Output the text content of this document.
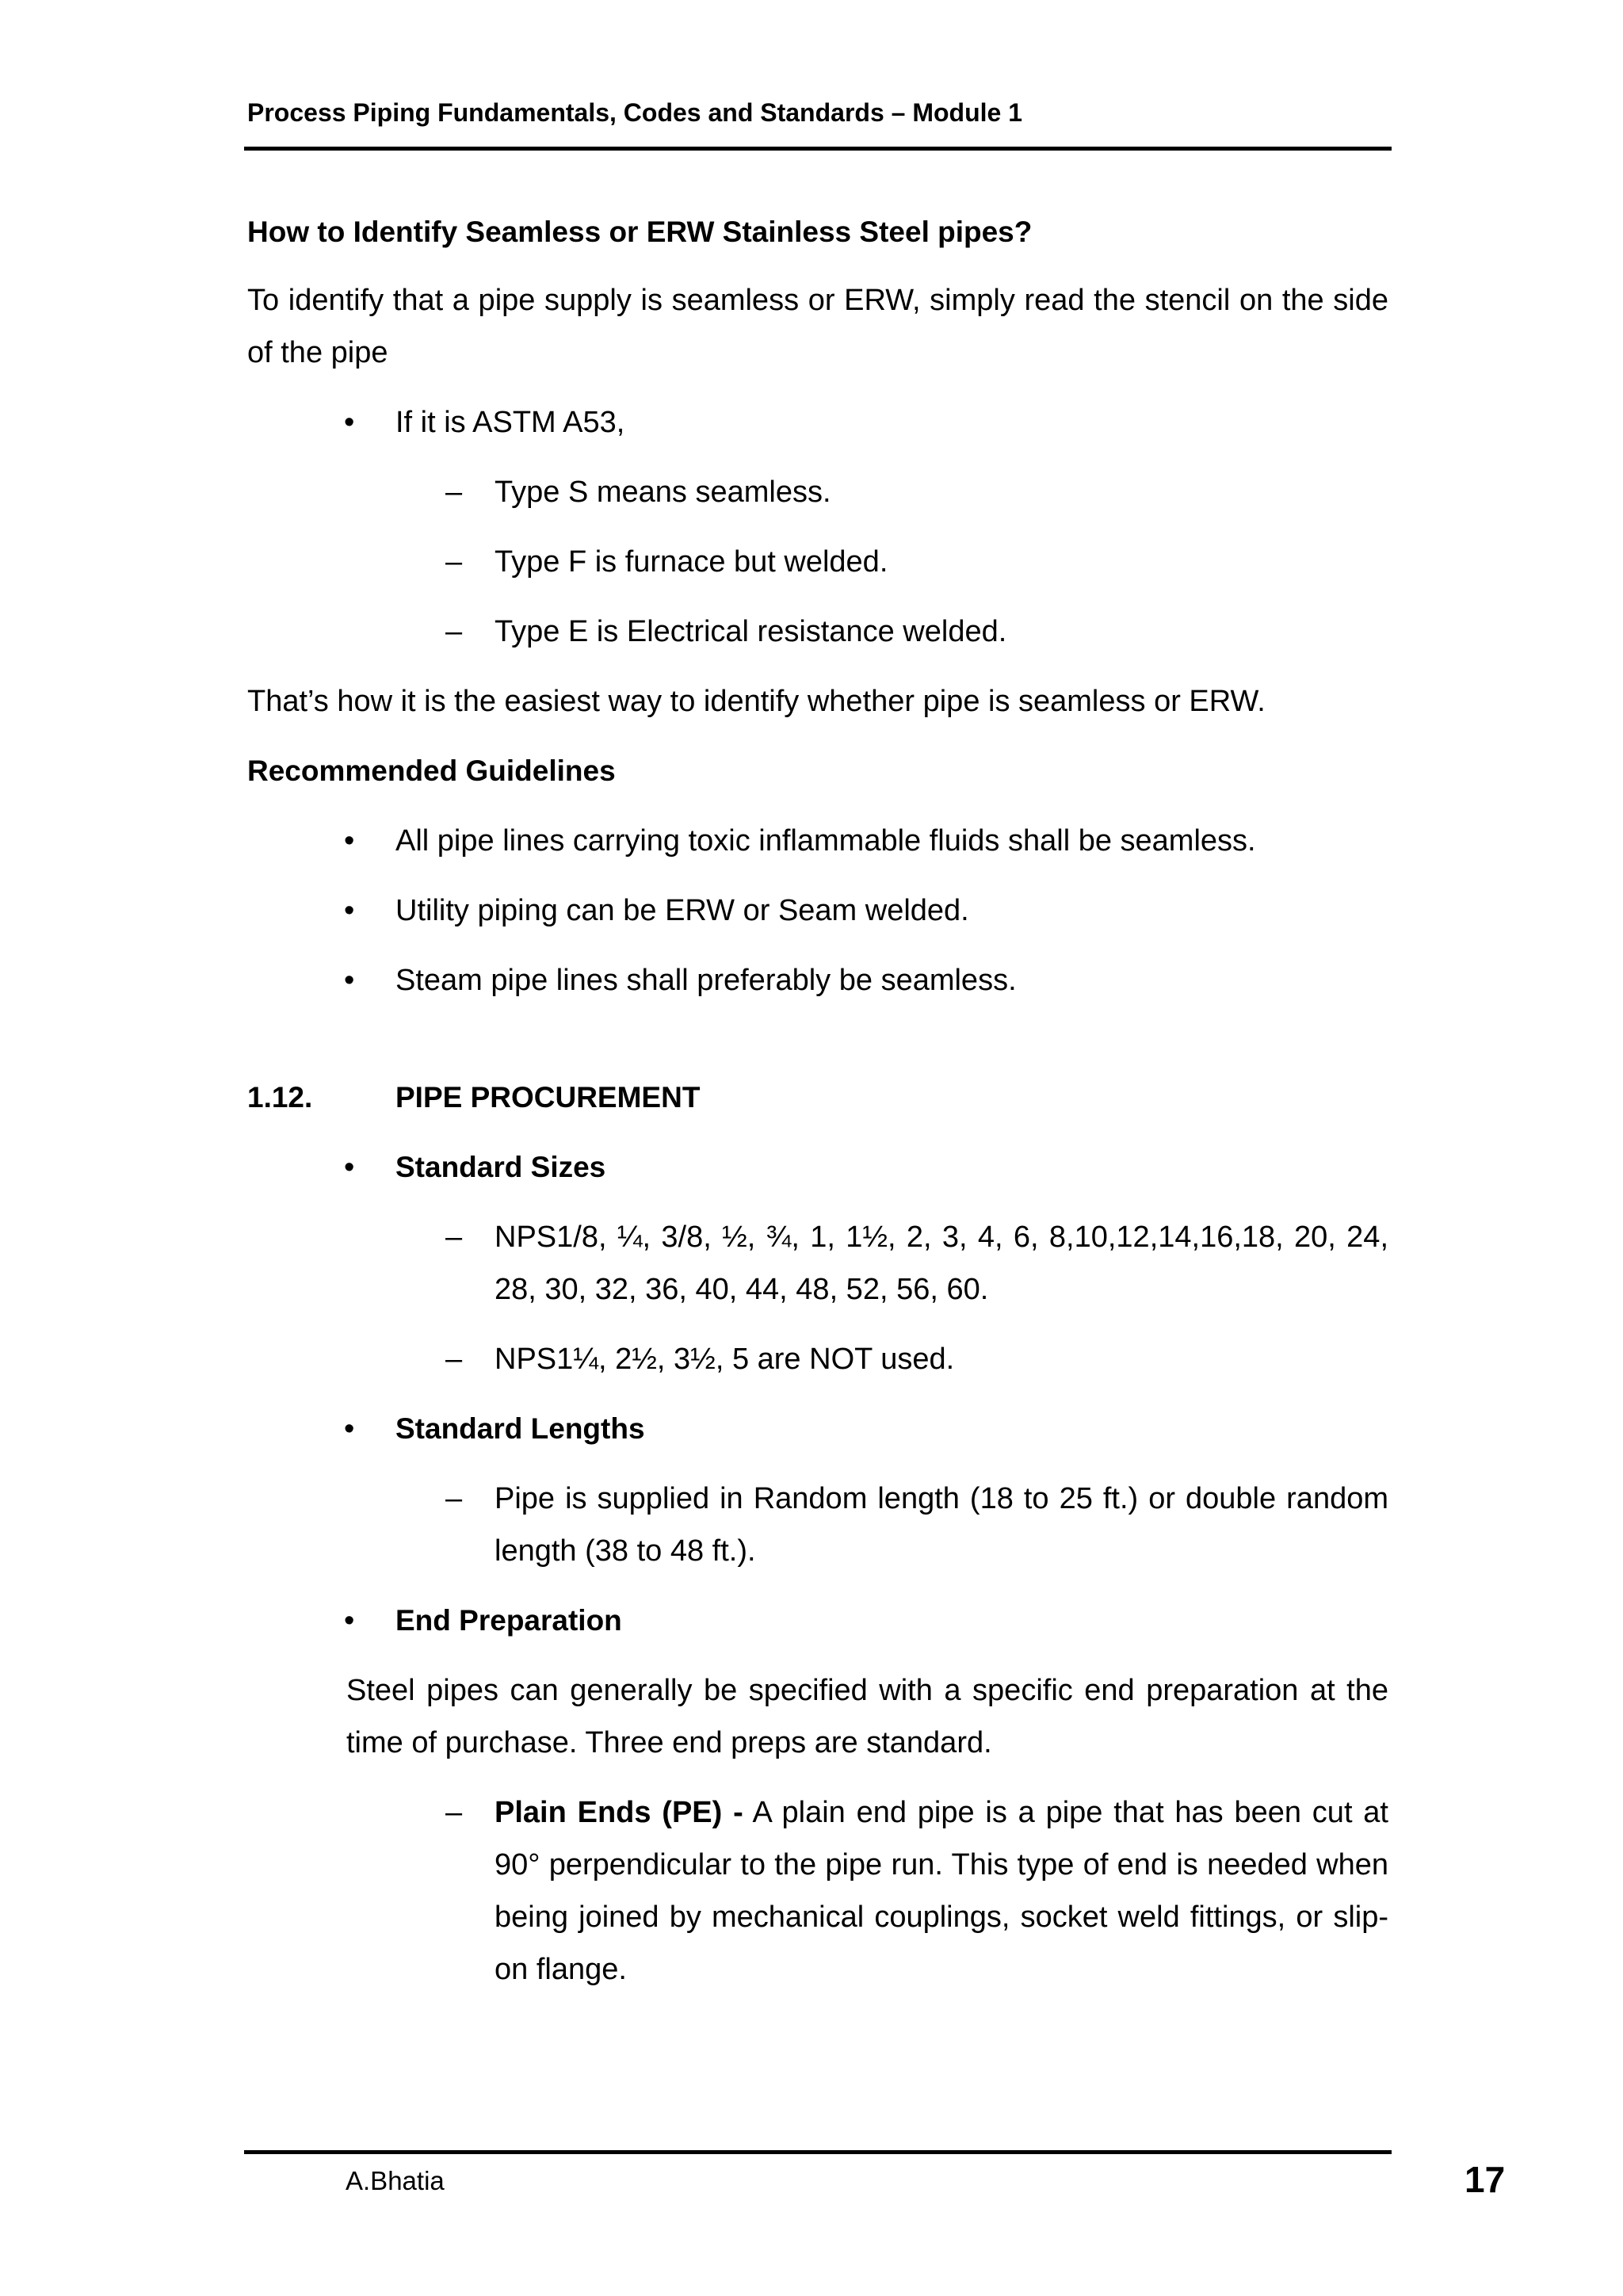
Process Piping Fundamentals, Codes and Standards – Module 1

How to Identify Seamless or ERW Stainless Steel pipes?

To identify that a pipe supply is seamless or ERW, simply read the stencil on the side of the pipe

• If it is ASTM A53,

– Type S means seamless.

– Type F is furnace but welded.

– Type E is Electrical resistance welded.

That’s how it is the easiest way to identify whether pipe is seamless or ERW.

Recommended Guidelines

• All pipe lines carrying toxic inflammable fluids shall be seamless.

• Utility piping can be ERW or Seam welded.

• Steam pipe lines shall preferably be seamless.

1.12.	PIPE PROCUREMENT
• Standard Sizes

– NPS1/8, ¼, 3/8, ½, ¾, 1, 1½, 2, 3, 4, 6, 8,10,12,14,16,18, 20, 24, 28, 30, 32, 36, 40, 44, 48, 52, 56, 60.

– NPS1¼, 2½, 3½, 5 are NOT used.

• Standard Lengths

– Pipe is supplied in Random length (18 to 25 ft.) or double random length (38 to 48 ft.).

• End Preparation

Steel pipes can generally be specified with a specific end preparation at the time of purchase. Three end preps are standard.

– Plain Ends (PE) - A plain end pipe is a pipe that has been cut at 90° perpendicular to the pipe run. This type of end is needed when being joined by mechanical couplings, socket weld fittings, or slip-on flange.

A.Bhatia	17
